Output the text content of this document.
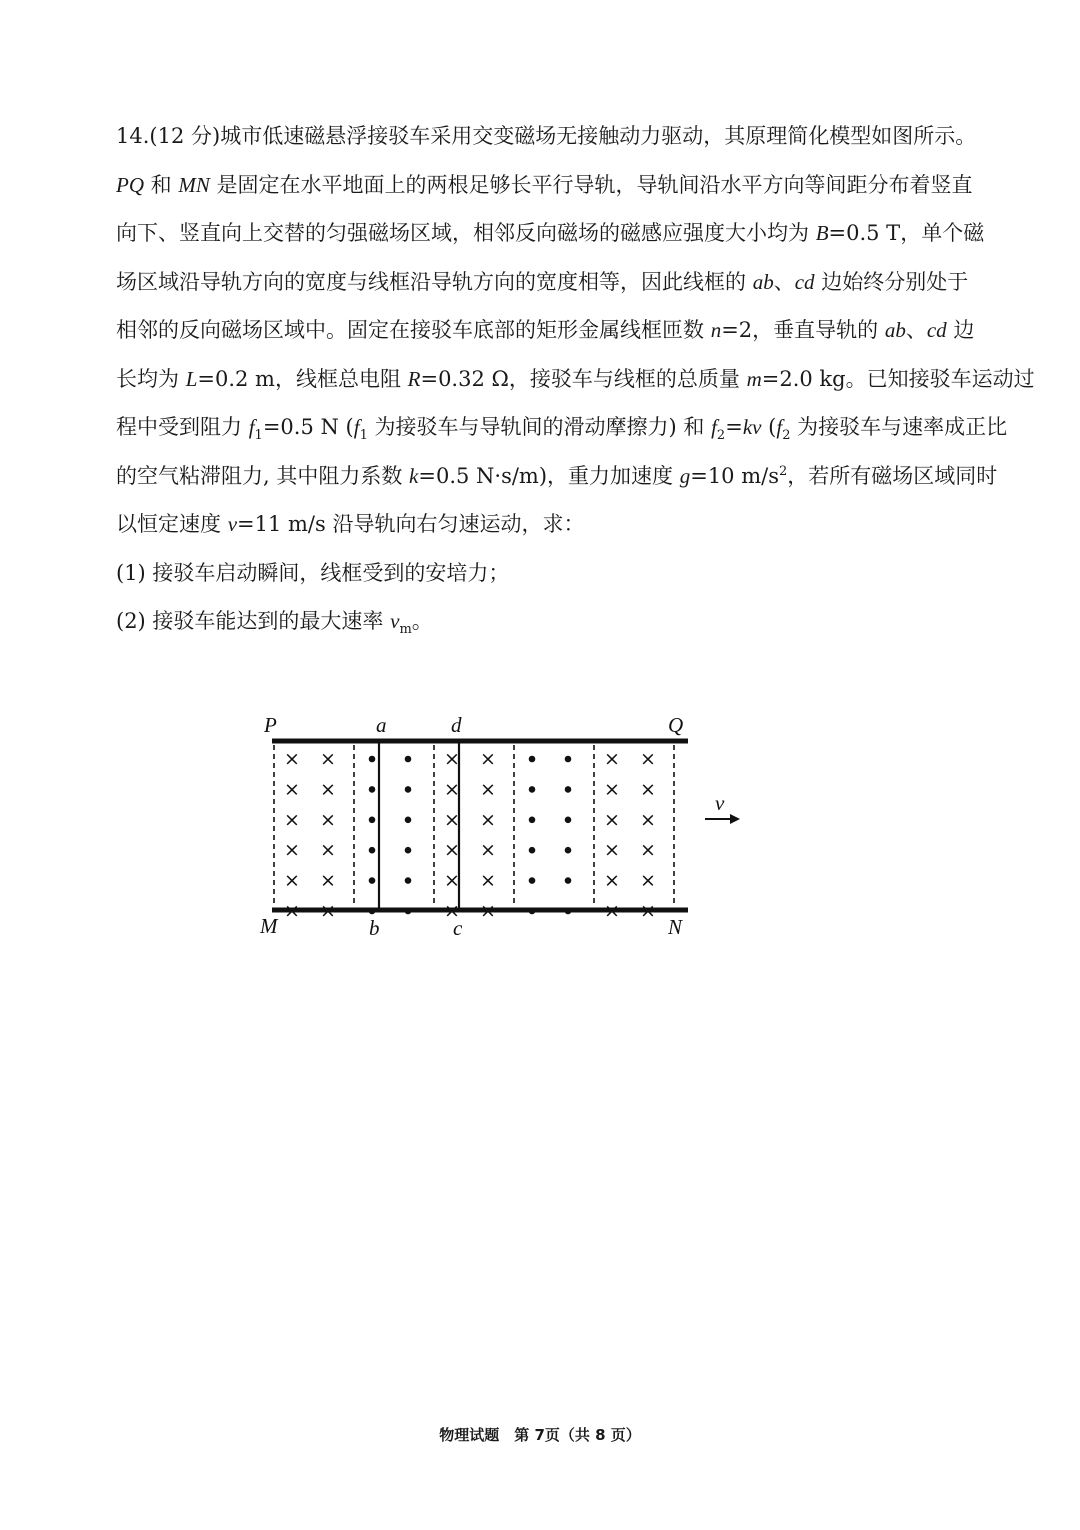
14.(12 分)城市低速磁悬浮接驳车采用交变磁场无接触动力驱动，其原理简化模型如图所示。

PQ 和 MN 是固定在水平地面上的两根足够长平行导轨，导轨间沿水平方向等间距分布着竖直

向下、竖直向上交替的匀强磁场区域，相邻反向磁场的磁感应强度大小均为 B=0.5 T，单个磁

场区域沿导轨方向的宽度与线框沿导轨方向的宽度相等，因此线框的 ab、cd 边始终分别处于

相邻的反向磁场区域中。固定在接驳车底部的矩形金属线框匝数 n=2，垂直导轨的 ab、cd 边

长均为 L=0.2 m，线框总电阻 R=0.32 Ω，接驳车与线框的总质量 m=2.0 kg。已知接驳车运动过

程中受到阻力 $f_1=0.5$ N ($f_1$ 为接驳车与导轨间的滑动摩擦力) 和 $f_2=kv$ ($f_2$ 为接驳车与速率成正比

的空气粘滞阻力, 其中阻力系数 k=0.5 N·s/m)，重力加速度 g=10 $m/s^2$，若所有磁场区域同时

以恒定速度 v=11 m/s 沿导轨向右匀速运动，求：

(1) 接驳车启动瞬间，线框受到的安培力；

(2) 接驳车能达到的最大速率 $v_m$。

× ×
× ×
× ×
× ×
× ×
× ×
× ×
× ×
× ×
× ×
× ×
× ×
× ×
× ×
× ×
× ×
× ×
× ×
P	a	d	Q
M	b	c	N
v
物理试题　第 7页（共 8 页）
